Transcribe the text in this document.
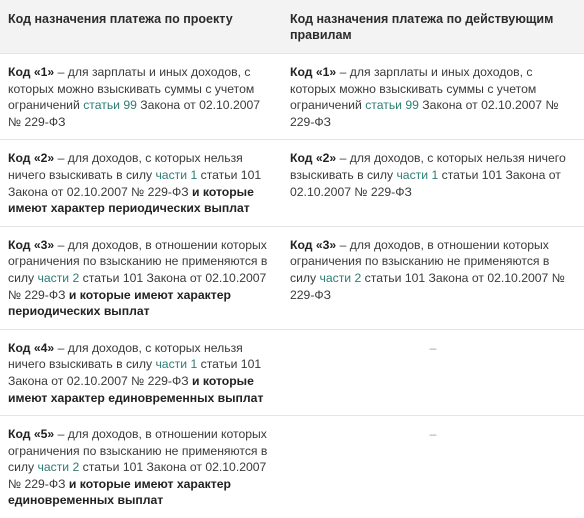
Код назначения платежа по проекту	Код назначения платежа по действующим правилам
Код «1» – для зарплаты и иных доходов, с которых можно взыскивать суммы с учетом ограничений статьи 99 Закона от 02.10.2007 № 229-ФЗ	Код «1» – для зарплаты и иных доходов, с которых можно взыскивать суммы с учетом ограничений статьи 99 Закона от 02.10.2007 № 229-ФЗ
Код «2» – для доходов, с которых нельзя ничего взыскивать в силу части 1 статьи 101 Закона от 02.10.2007 № 229-ФЗ и которые имеют характер периодических выплат	Код «2» – для доходов, с которых нельзя ничего взыскивать в силу части 1 статьи 101 Закона от 02.10.2007 № 229-ФЗ
Код «3» – для доходов, в отношении которых ограничения по взысканию не применяются в силу части 2 статьи 101 Закона от 02.10.2007 № 229-ФЗ и которые имеют характер периодических выплат	Код «3» – для доходов, в отношении которых ограничения по взысканию не применяются в силу части 2 статьи 101 Закона от 02.10.2007 № 229-ФЗ
Код «4» – для доходов, с которых нельзя ничего взыскивать в силу части 1 статьи 101 Закона от 02.10.2007 № 229-ФЗ и которые имеют характер единовременных выплат	–
Код «5» – для доходов, в отношении которых ограничения по взысканию не применяются в силу части 2 статьи 101 Закона от 02.10.2007 № 229-ФЗ и которые имеют характер единовременных выплат	–
